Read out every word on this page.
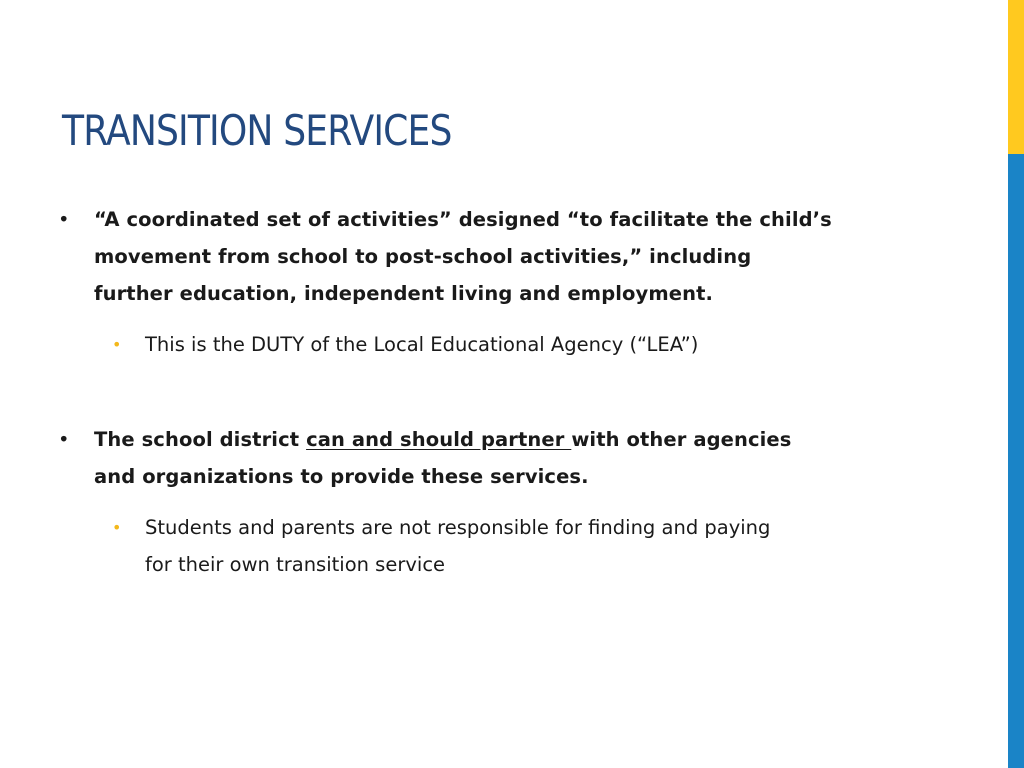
TRANSITION SERVICES
• “A coordinated set of activities” designed “to facilitate the child’s
movement from school to post-school activities,” including
further education, independent living and employment.
• This is the DUTY of the Local Educational Agency (“LEA”)
• The school district can and should partner with other agencies
and organizations to provide these services.
• Students and parents are not responsible for finding and paying
for their own transition service
